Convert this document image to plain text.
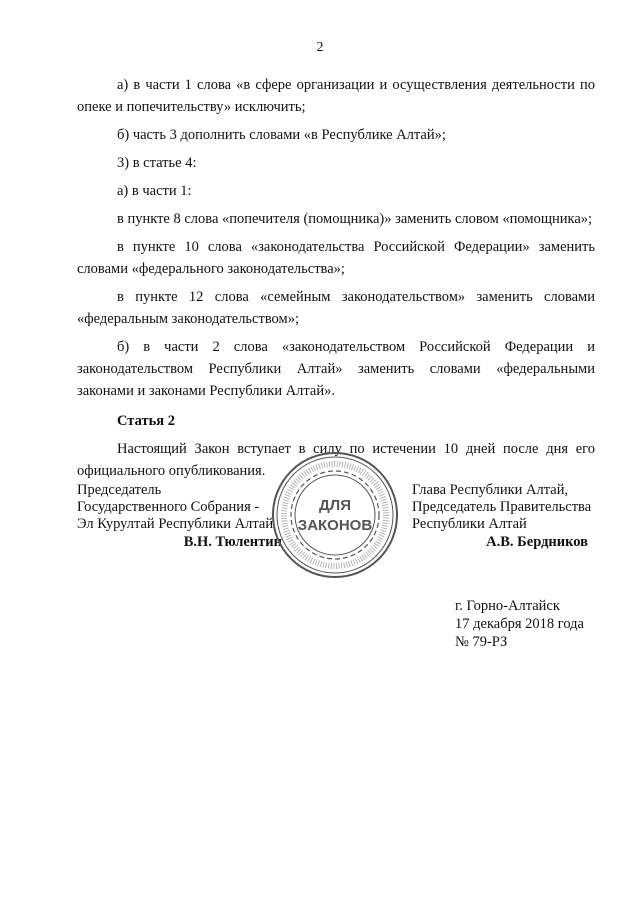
2

а) в части 1 слова «в сфере организации и осуществления деятельности по опеке и попечительству» исключить;

б) часть 3 дополнить словами «в Республике Алтай»;

3) в статье 4:

а) в части 1:

в пункте 8 слова «попечителя (помощника)» заменить словом «помощника»;

в пункте 10 слова «законодательства Российской Федерации» заменить словами «федерального законодательства»;

в пункте 12 слова «семейным законодательством» заменить словами «федеральным законодательством»;

б) в части 2 слова «законодательством Российской Федерации и законодательством Республики Алтай» заменить словами «федеральными законами и законами Республики Алтай».

Статья 2

Настоящий Закон вступает в силу по истечении 10 дней после дня его официального опубликования.

Председатель
Государственного Собрания -
Эл Курултай Республики Алтай
В.Н. Тюлентин
ДЛЯ
ЗАКОНОВ
Глава Республики Алтай,
Председатель Правительства
Республики Алтай
А.В. Бердников
г. Горно-Алтайск
17 декабря 2018 года
№ 79-РЗ
